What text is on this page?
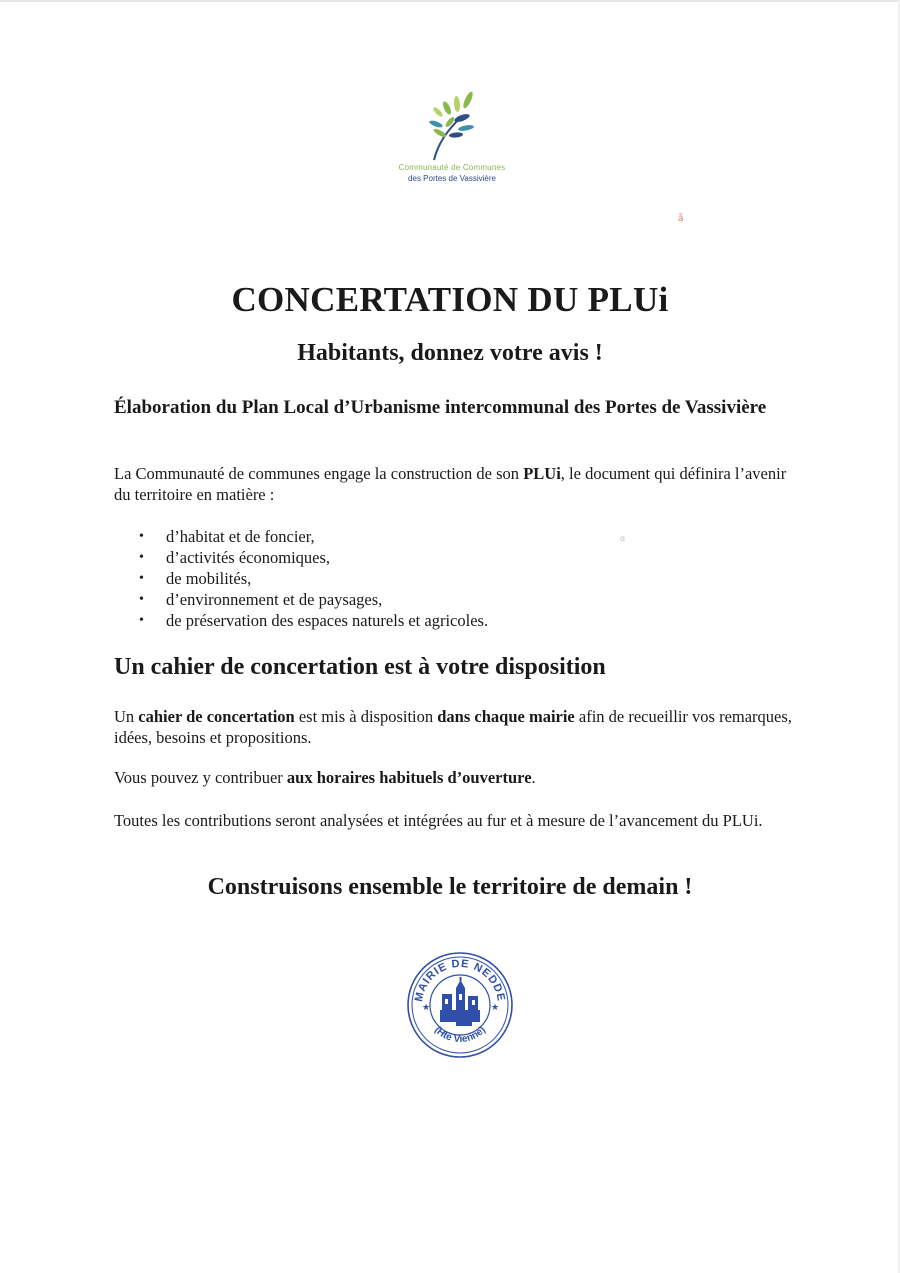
Communauté de Communes
des Portes de Vassivière
å
ɑ
CONCERTATION DU PLUi
Habitants, donnez votre avis !
Élaboration du Plan Local d’Urbanisme intercommunal des Portes de Vassivière
La Communauté de communes engage la construction de son PLUi, le document qui définira l’avenir du territoire en matière :
• d’habitat et de foncier,
• d’activités économiques,
• de mobilités,
• d’environnement et de paysages,
• de préservation des espaces naturels et agricoles.
Un cahier de concertation est à votre disposition
Un cahier de concertation est mis à disposition dans chaque mairie afin de recueillir vos remarques, idées, besoins et propositions.
Vous pouvez y contribuer aux horaires habituels d’ouverture.
Toutes les contributions seront analysées et intégrées au fur et à mesure de l’avancement du PLUi.
Construisons ensemble le territoire de demain !
MAIRIE DE NEDDE
(Hte Vienne)
★	★
